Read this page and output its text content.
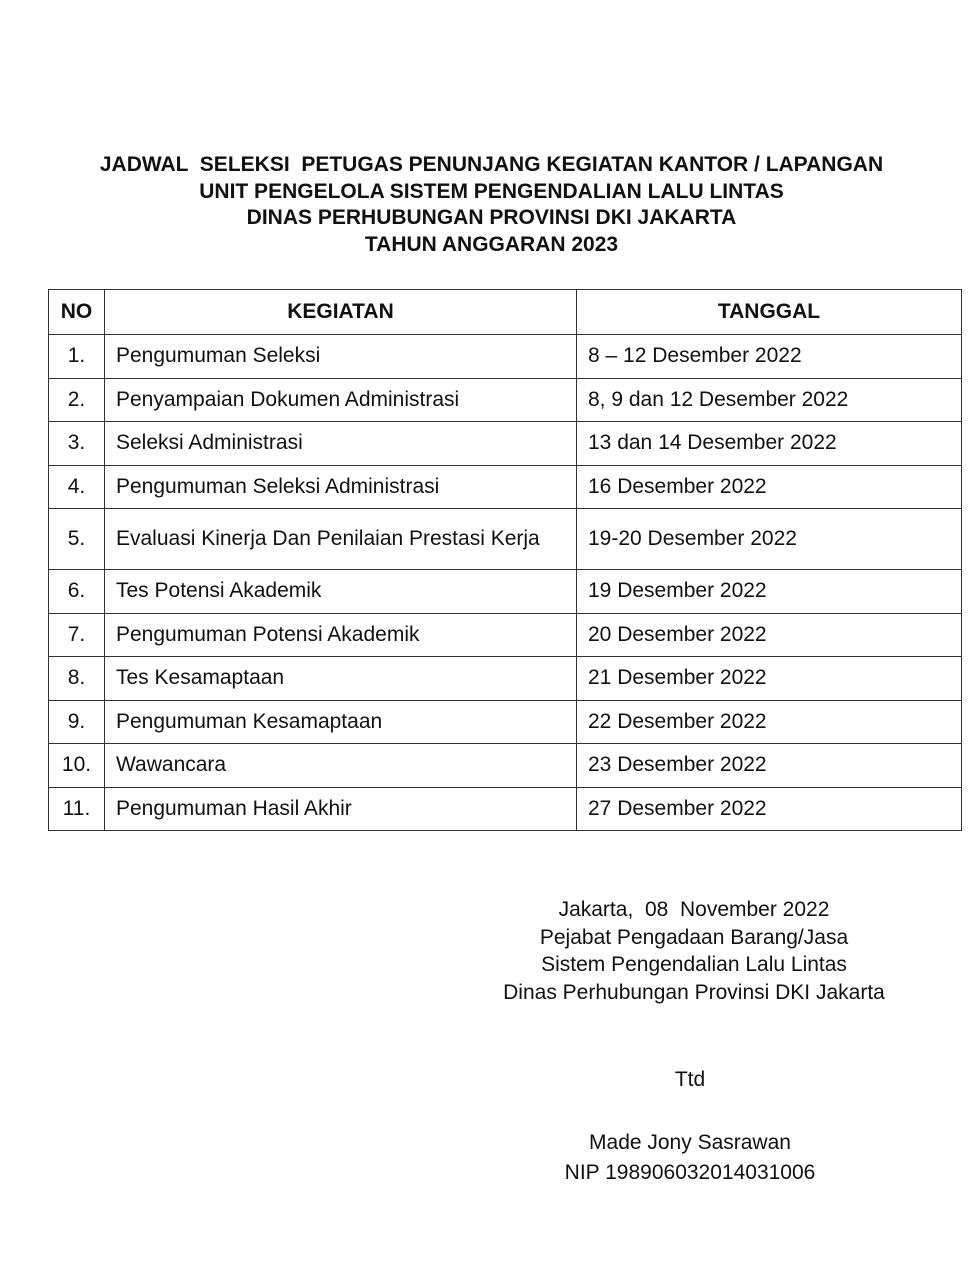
JADWAL  SELEKSI  PETUGAS PENUNJANG KEGIATAN KANTOR / LAPANGAN
UNIT PENGELOLA SISTEM PENGENDALIAN LALU LINTAS
DINAS PERHUBUNGAN PROVINSI DKI JAKARTA
TAHUN ANGGARAN 2023
NO	KEGIATAN	TANGGAL
1.	Pengumuman Seleksi	8 – 12 Desember 2022
2.	Penyampaian Dokumen Administrasi	8, 9 dan 12 Desember 2022
3.	Seleksi Administrasi	13 dan 14 Desember 2022
4.	Pengumuman Seleksi Administrasi	16 Desember 2022
5.	Evaluasi Kinerja Dan Penilaian Prestasi Kerja	19-20 Desember 2022
6.	Tes Potensi Akademik	19 Desember 2022
7.	Pengumuman Potensi Akademik	20 Desember 2022
8.	Tes Kesamaptaan	21 Desember 2022
9.	Pengumuman Kesamaptaan	22 Desember 2022
10.	Wawancara	23 Desember 2022
11.	Pengumuman Hasil Akhir	27 Desember 2022
Jakarta,  08  November 2022
Pejabat Pengadaan Barang/Jasa
Sistem Pengendalian Lalu Lintas
Dinas Perhubungan Provinsi DKI Jakarta
Ttd
Made Jony Sasrawan
NIP 198906032014031006
